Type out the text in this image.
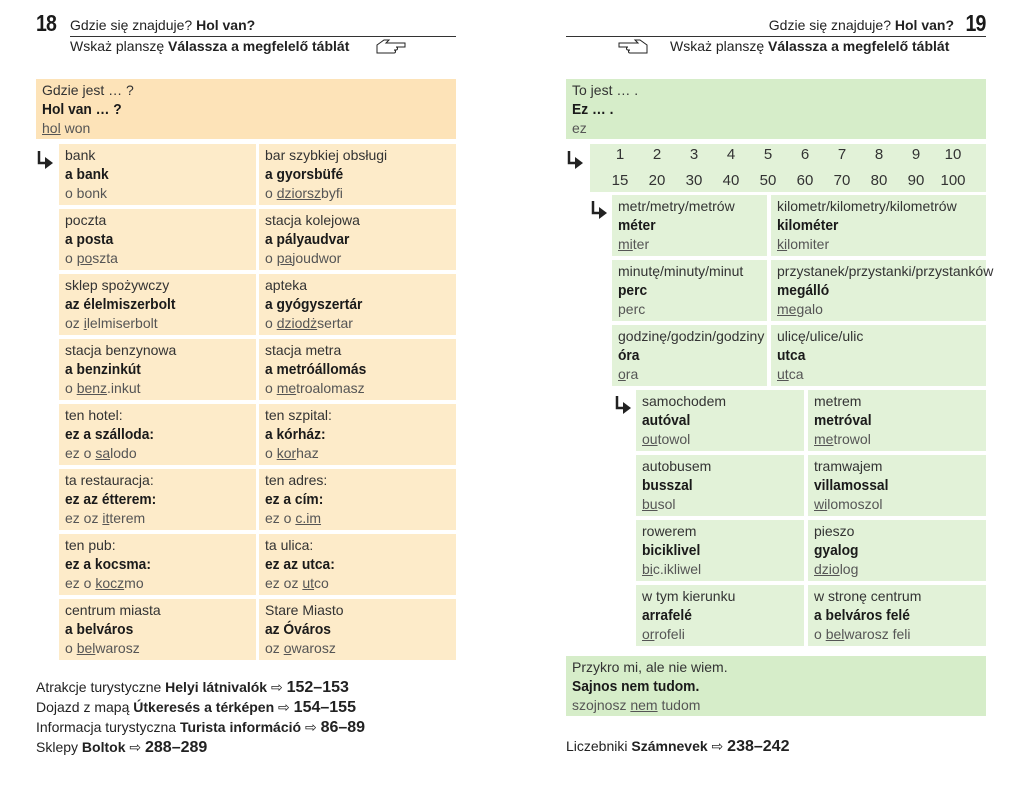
18 Gdzie się znajduje? Hol van?
Wskaż planszę Válassza a megfelelő táblát
Gdzie jest … ?
Hol van … ?
hol won
bank
a bank
o bonk
bar szybkiej obsługi
a gyorsbüfé
o dziorszbyfi
poczta
a posta
o poszta
stacja kolejowa
a pályaudvar
o pajoudwor
sklep spożywczy
az élelmiszerbolt
oz ilelmiserbolt
apteka
a gyógyszertár
o dziodżsertar
stacja benzynowa
a benzinkút
o benz.inkut
stacja metra
a metróállomás
o metroalomasz
ten hotel:
ez a szálloda:
ez o salodo
ten szpital:
a kórház:
o korhaz
ta restauracja:
ez az étterem:
ez oz itterem
ten adres:
ez a cím:
ez o c.im
ten pub:
ez a kocsma:
ez o koczmo
ta ulica:
ez az utca:
ez oz utco
centrum miasta
a belváros
o belwarosz
Stare Miasto
az Óváros
oz owarosz
Atrakcje turystyczne Helyi látnivalók ⇨ 152–153
Dojazd z mapą Útkeresés a térképen ⇨ 154–155
Informacja turystyczna Turista információ ⇨ 86–89
Sklepy Boltok ⇨ 288–289
19
Gdzie się znajduje? Hol van?
Wskaż planszę Válassza a megfelelő táblát
To jest … .
Ez … .
ez
1	2	3	4	5	6	7	8	9	10
15	20	30	40	50	60	70	80	90	100
metr/metry/metrów
méter
miter
kilometr/kilometry/kilometrów
kilométer
kilomiter
minutę/minuty/minut
perc
perc
przystanek/przystanki/przystanków
megálló
megalo
godzinę/godzin/godziny
óra
ora
ulicę/ulice/ulic
utca
utca
samochodem
autóval
outowol
metrem
metróval
metrowol
autobusem
busszal
busol
tramwajem
villamossal
wilomoszol
rowerem
biciklivel
bic.ikliwel
pieszo
gyalog
dziolog
w tym kierunku
arrafelé
orrofeli
w stronę centrum
a belváros felé
o belwarosz feli
Przykro mi, ale nie wiem.
Sajnos nem tudom.
szojnosz nem tudom
Liczebniki Számnevek ⇨ 238–242
